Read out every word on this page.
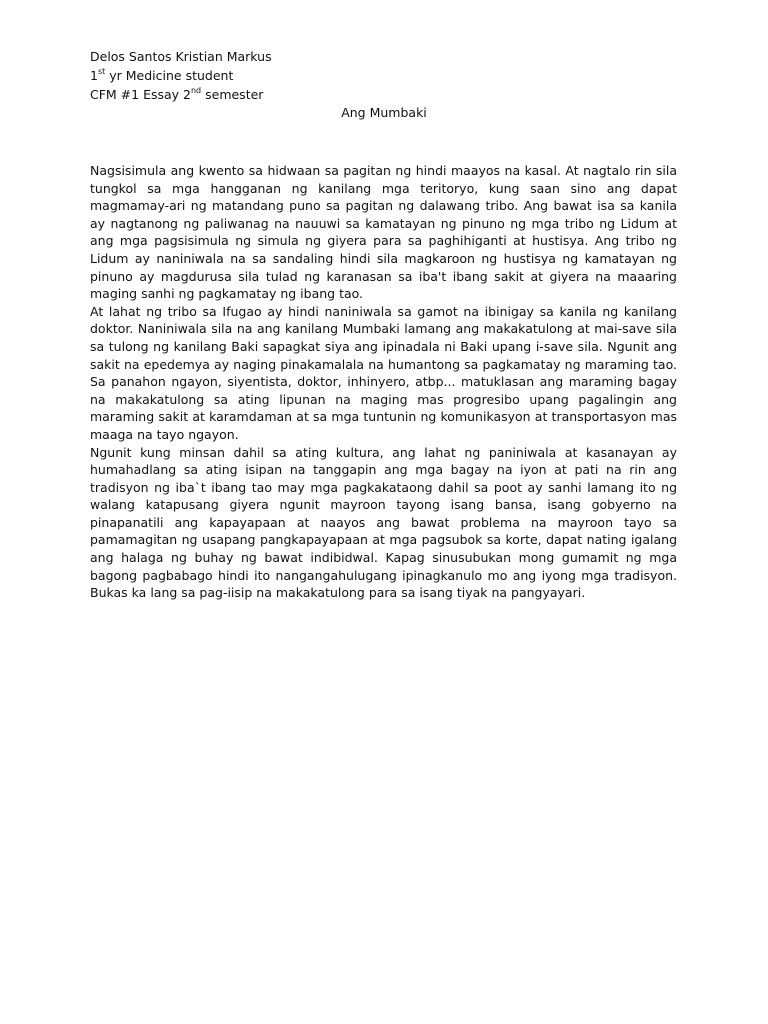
Delos Santos Kristian Markus
1st yr Medicine student
CFM #1 Essay 2nd semester
Ang Mumbaki

Nagsisimula ang kwento sa hidwaan sa pagitan ng hindi maayos na kasal. At nagtalo rin sila tungkol sa mga hangganan ng kanilang mga teritoryo, kung saan sino ang dapat magmamay-ari ng matandang puno sa pagitan ng dalawang tribo. Ang bawat isa sa kanila ay nagtanong ng paliwanag na nauuwi sa kamatayan ng pinuno ng mga tribo ng Lidum at ang mga pagsisimula ng simula ng giyera para sa paghihiganti at hustisya. Ang tribo ng Lidum ay naniniwala na sa sandaling hindi sila magkaroon ng hustisya ng kamatayan ng pinuno ay magdurusa sila tulad ng karanasan sa iba't ibang sakit at giyera na maaaring maging sanhi ng pagkamatay ng ibang tao.

At lahat ng tribo sa Ifugao ay hindi naniniwala sa gamot na ibinigay sa kanila ng kanilang doktor. Naniniwala sila na ang kanilang Mumbaki lamang ang makakatulong at mai-save sila sa tulong ng kanilang Baki sapagkat siya ang ipinadala ni Baki upang i-save sila. Ngunit ang sakit na epedemya ay naging pinakamalala na humantong sa pagkamatay ng maraming tao. Sa panahon ngayon, siyentista, doktor, inhinyero, atbp... matuklasan ang maraming bagay na makakatulong sa ating lipunan na maging mas progresibo upang pagalingin ang maraming sakit at karamdaman at sa mga tuntunin ng komunikasyon at transportasyon mas maaga na tayo ngayon.

Ngunit kung minsan dahil sa ating kultura, ang lahat ng paniniwala at kasanayan ay humahadlang sa ating isipan na tanggapin ang mga bagay na iyon at pati na rin ang tradisyon ng iba`t ibang tao may mga pagkakataong dahil sa poot ay sanhi lamang ito ng walang katapusang giyera ngunit mayroon tayong isang bansa, isang gobyerno na pinapanatili ang kapayapaan at naayos ang bawat problema na mayroon tayo sa pamamagitan ng usapang pangkapayapaan at mga pagsubok sa korte, dapat nating igalang ang halaga ng buhay ng bawat indibidwal. Kapag sinusubukan mong gumamit ng mga bagong pagbabago hindi ito nangangahulugang ipinagkanulo mo ang iyong mga tradisyon. Bukas ka lang sa pag-iisip na makakatulong para sa isang tiyak na pangyayari.
